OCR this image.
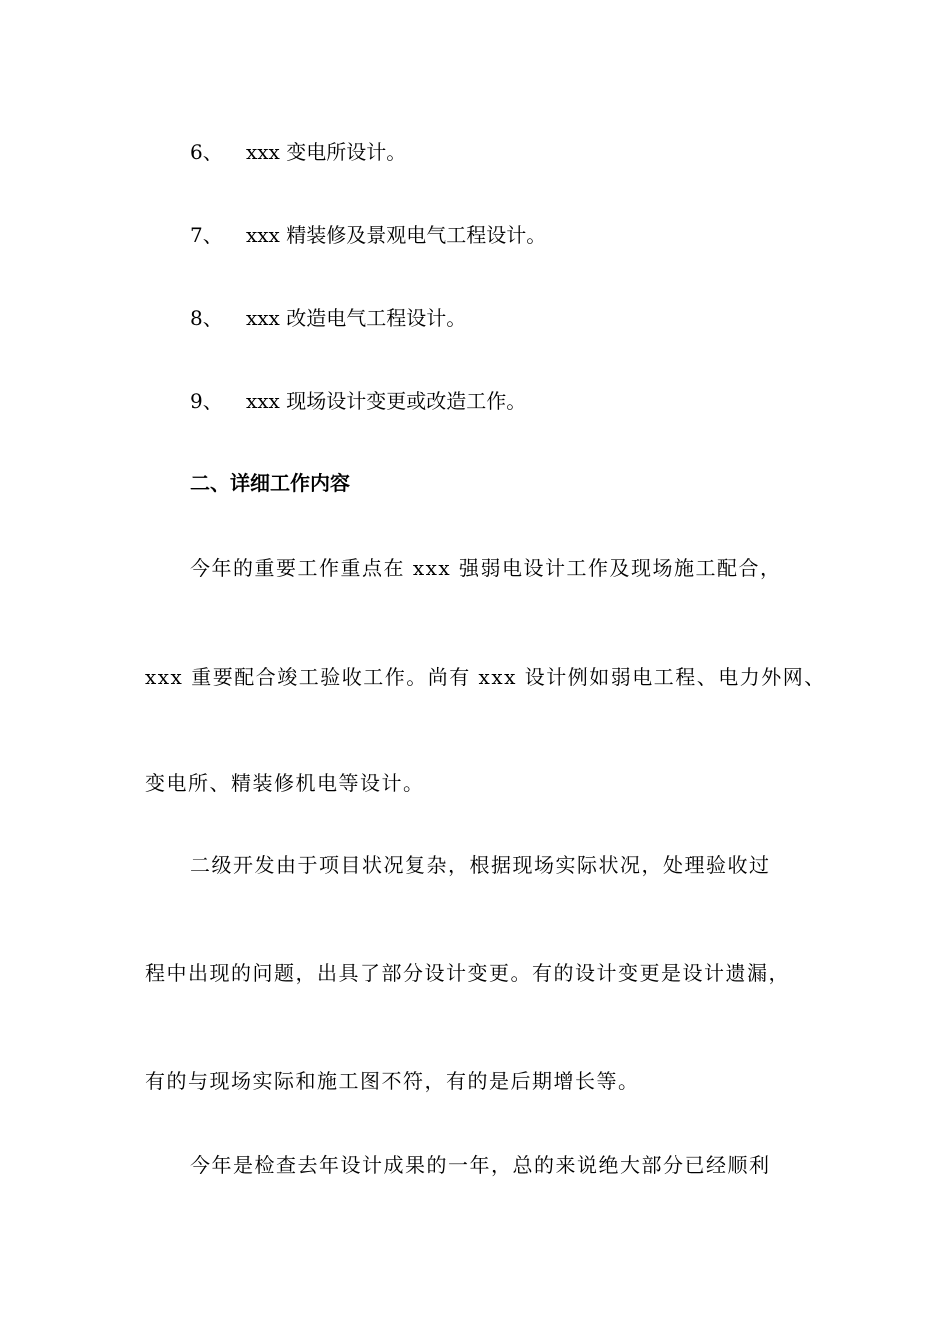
6、 xxx 变电所设计。
7、 xxx 精装修及景观电气工程设计。
8、 xxx 改造电气工程设计。
9、 xxx 现场设计变更或改造工作。
二、详细工作内容
今年的重要工作重点在 xxx 强弱电设计工作及现场施工配合，
xxx 重要配合竣工验收工作。尚有 xxx 设计例如弱电工程、电力外网、
变电所、精装修机电等设计。
二级开发由于项目状况复杂，根据现场实际状况，处理验收过
程中出现的问题，出具了部分设计变更。有的设计变更是设计遗漏，
有的与现场实际和施工图不符，有的是后期增长等。
今年是检查去年设计成果的一年，总的来说绝大部分已经顺利
